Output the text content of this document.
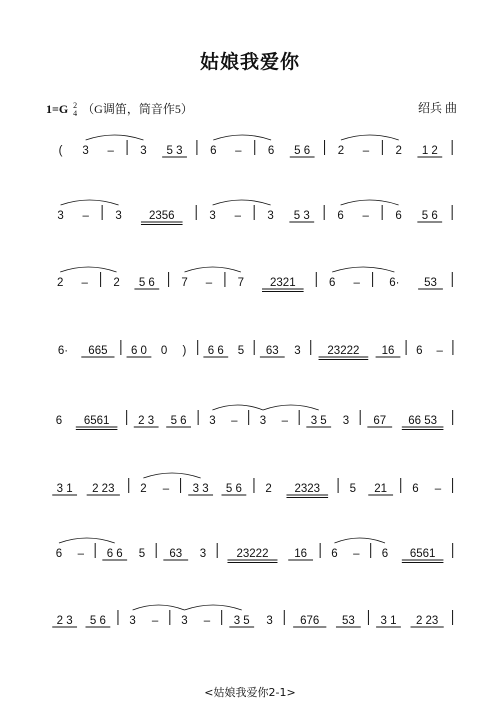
姑娘我爱你
1=G 2
4 （G调笛，筒音作5）	绍兵 曲
( 3 – 3 5 3 6 – 6 5 6 2 – 2 1 2
3 – 3 2356	3 – 3 5 3 6 – 6 5 6
2 – 2 5 6 7 – 7 2321	6 –	6· 53
6· 665 6 0 0 ) 6 6 5 63 3 23222 16 6 –
6 6561	2 3 5 6 3 – 3 – 3 5 3 67 66 53
3 1 2 23 2 – 3 3 5 6 2 2323	5 21 6 –
6 – 6 6 5 63 3	23222 16 6 – 6 6561
2 3 5 6 3 – 3 – 3 5 3 676 53 3 1 2 23
<姑娘我爱你2-1>
